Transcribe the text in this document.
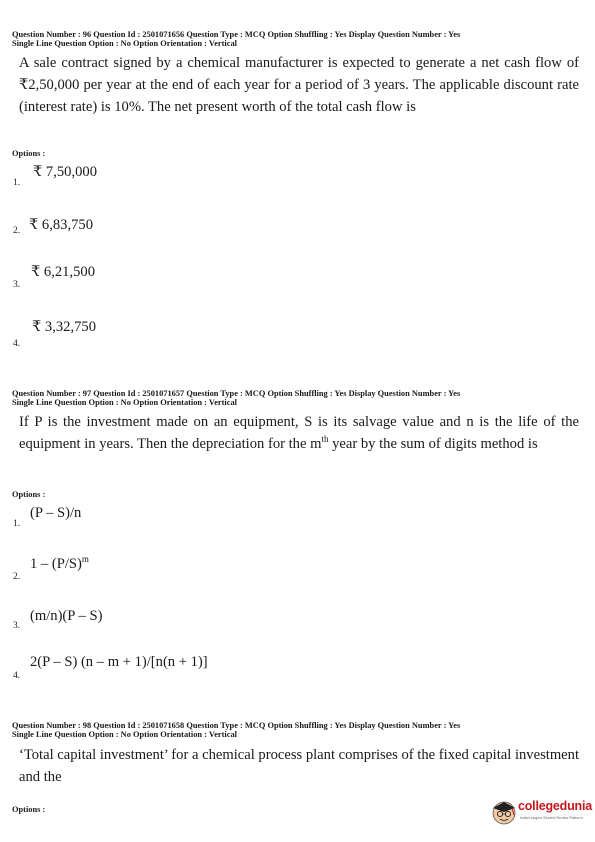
Question Number : 96 Question Id : 2501071656 Question Type : MCQ Option Shuffling : Yes Display Question Number : Yes
Single Line Question Option : No Option Orientation : Vertical
A sale contract signed by a chemical manufacturer is expected to generate a net cash flow of ₹2,50,000 per year at the end of each year for a period of 3 years. The applicable discount rate (interest rate) is 10%. The net present worth of the total cash flow is
Options :
1.
₹ 7,50,000
2. ₹ 6,83,750
3.
₹ 6,21,500
4.
₹ 3,32,750
Question Number : 97 Question Id : 2501071657 Question Type : MCQ Option Shuffling : Yes Display Question Number : Yes
Single Line Question Option : No Option Orientation : Vertical
If P is the investment made on an equipment, S is its salvage value and n is the life of the equipment in years. Then the depreciation for the $m^{th}$ year by the sum of digits method is
Options :
1.
(P – S)/n
2.
$1 - (P/S)^m$
3.
(m/n)(P – S)
4.
2(P – S) (n – m + 1)/[n(n + 1)]
Question Number : 98 Question Id : 2501071658 Question Type : MCQ Option Shuffling : Yes Display Question Number : Yes
Single Line Question Option : No Option Orientation : Vertical
‘Total capital investment’ for a chemical process plant comprises of the fixed capital investment and the
Options :	collegedunia
India's largest Student Review Platform
